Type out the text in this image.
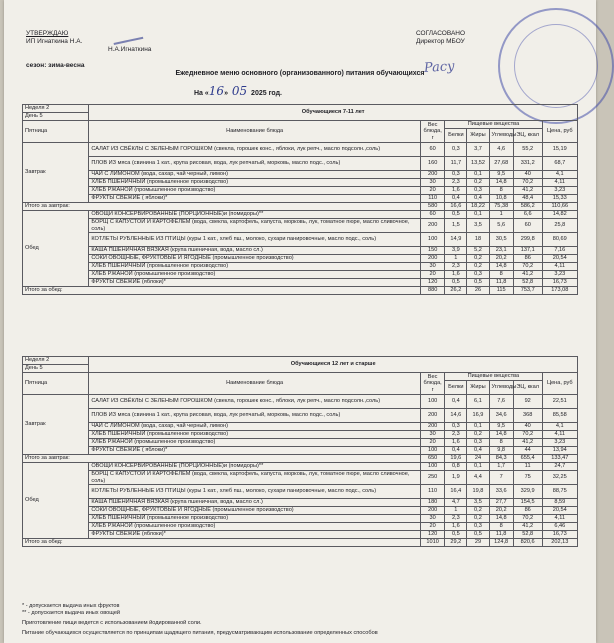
Pacy
УТВЕРЖДАЮ
ИП Игнаткина Н.А.
Н.А.Игнаткина
СОГЛАСОВАНО
Директор МБОУ
сезон: зима-весна
Ежедневное меню основного (организованного) питания обучающихся
На «16» 05 2025 год.
Неделя 2	Обучающиеся 7-11 лет						
День 5							
Пятница	Наименование блюда	Вес блюда, г	Пищевые вещества				Цена, руб
			Белки	Жиры	Углеводы	ЭЦ, ккал	
Завтрак	САЛАТ ИЗ СВЁКЛЫ С ЗЕЛЕНЫМ ГОРОШКОМ (свекла, горошек конс., яблоки, лук репч., масло подсолн.,соль)	60	0,3	3,7	4,6	55,2	15,19
	ПЛОВ ИЗ мяса (свинина 1 кат., крупа рисовая, вода, лук репчатый, морковь, масло подс., соль)	160	11,7	13,52	27,68	331,2	68,7
	ЧАЙ С ЛИМОНОМ (вода, сахар, чай черный, лимон)	200	0,3	0,1	9,5	40	4,1
	ХЛЕБ ПШЕНИЧНЫЙ (промышленное производство)	30	2,3	0,2	14,8	70,2	4,11
	ХЛЕБ РЖАНОЙ (промышленное производство)	20	1,6	0,3	8	41,2	3,23
	ФРУКТЫ СВЕЖИЕ ( яблоки)*	110	0,4	0,4	10,8	48,4	15,33
Итого за завтрак:		580	16,6	18,22	75,38	586,2	110,66
Обед	ОВОЩИ КОНСЕРВИРОВАННЫЕ (ПОРЦИОННЫЕ)и (помидоры)**	60	0,5	0,1	1	6,6	14,82
	БОРЩ С КАПУСТОЙ И КАРТОФЕЛЕМ (вода, свекла, картофель, капуста, морковь, лук, томатное пюре, масло сливочное, соль)	200	1,5	3,5	5,6	60	25,8
	КОТЛЕТЫ РУБЛЕННЫЕ ИЗ ПТИЦЫ (куры 1 кат., хлеб пш., молоко, сухари панировочные, масло подс., соль)	100	14,9	18	30,5	299,8	80,69
	КАША ПШЕНИЧНАЯ ВЯЗКАЯ (крупа пшеничная, вода, масло сл.)	150	3,9	5,2	23,1	137,1	7,16
	СОКИ ОВОЩНЫЕ, ФРУКТОВЫЕ И ЯГОДНЫЕ (промышленное производство)	200	1	0,2	20,2	86	20,54
	ХЛЕБ ПШЕНИЧНЫЙ (промышленное производство)	30	2,3	0,2	14,8	70,2	4,11
	ХЛЕБ РЖАНОЙ (промышленное производство)	20	1,6	0,3	8	41,2	3,23
	ФРУКТЫ СВЕЖИЕ (яблоки)*	120	0,5	0,5	11,8	52,8	16,73
Итого за обед:		880	26,2	26	115	753,7	173,08
Неделя 2	Обучающиеся 12 лет и старше						
День 5							
Пятница	Наименование блюда	Вес блюда, г	Пищевые вещества				Цена, руб
			Белки	Жиры	Углеводы	ЭЦ, ккал	
Завтрак	САЛАТ ИЗ СВЁКЛЫ С ЗЕЛЕНЫМ ГОРОШКОМ (свекла, горошек конс., яблоки, лук репч., масло подсолн.,соль)	100	0,4	6,1	7,6	92	22,51
	ПЛОВ ИЗ мяса (свинина 1 кат., крупа рисовая, вода, лук репчатый, морковь, масло подс., соль)	200	14,6	16,9	34,6	368	85,58
	ЧАЙ С ЛИМОНОМ (вода, сахар, чай черный, лимон)	200	0,3	0,1	9,5	40	4,1
	ХЛЕБ ПШЕНИЧНЫЙ (промышленное производство)	30	2,3	0,2	14,8	70,2	4,11
	ХЛЕБ РЖАНОЙ (промышленное производство)	20	1,6	0,3	8	41,2	3,23
	ФРУКТЫ СВЕЖИЕ ( яблоки)*	100	0,4	0,4	9,8	44	13,94
Итого за завтрак:		650	19,6	24	84,3	655,4	133,47
Обед	ОВОЩИ КОНСЕРВИРОВАННЫЕ (ПОРЦИОННЫЕ)и (помидоры)**	100	0,8	0,1	1,7	11	24,7
	БОРЩ С КАПУСТОЙ И КАРТОФЕЛЕМ (вода, свекла, картофель, капуста, морковь, лук, томатное пюре, масло сливочное, соль)	250	1,9	4,4	7	75	32,25
	КОТЛЕТЫ РУБЛЕННЫЕ ИЗ ПТИЦЫ (куры 1 кат., хлеб пш., молоко, сухари панировочные, масло подс., соль)	110	16,4	19,8	33,6	329,9	88,75
	КАША ПШЕНИЧНАЯ ВЯЗКАЯ (крупа пшеничная, вода, масло сл.)	180	4,7	3,5	27,7	154,5	8,59
	СОКИ ОВОЩНЫЕ, ФРУКТОВЫЕ И ЯГОДНЫЕ (промышленное производство)	200	1	0,2	20,2	86	20,54
	ХЛЕБ ПШЕНИЧНЫЙ (промышленное производство)	30	2,3	0,2	14,8	70,2	4,11
	ХЛЕБ РЖАНОЙ (промышленное производство)	20	1,6	0,3	8	41,2	6,46
	ФРУКТЫ СВЕЖИЕ (яблоки)*	120	0,5	0,5	11,8	52,8	16,73
Итого за обед:		1010	29,2	29	124,8	820,6	202,13
* - допускается выдача иных фруктов
** - допускается выдача иных овощей
Приготовление пищи ведется с использованием йодированной соли.
Питание обучающихся осуществляется по принципам щадящего питания, предусматривающим использование определенных способов
